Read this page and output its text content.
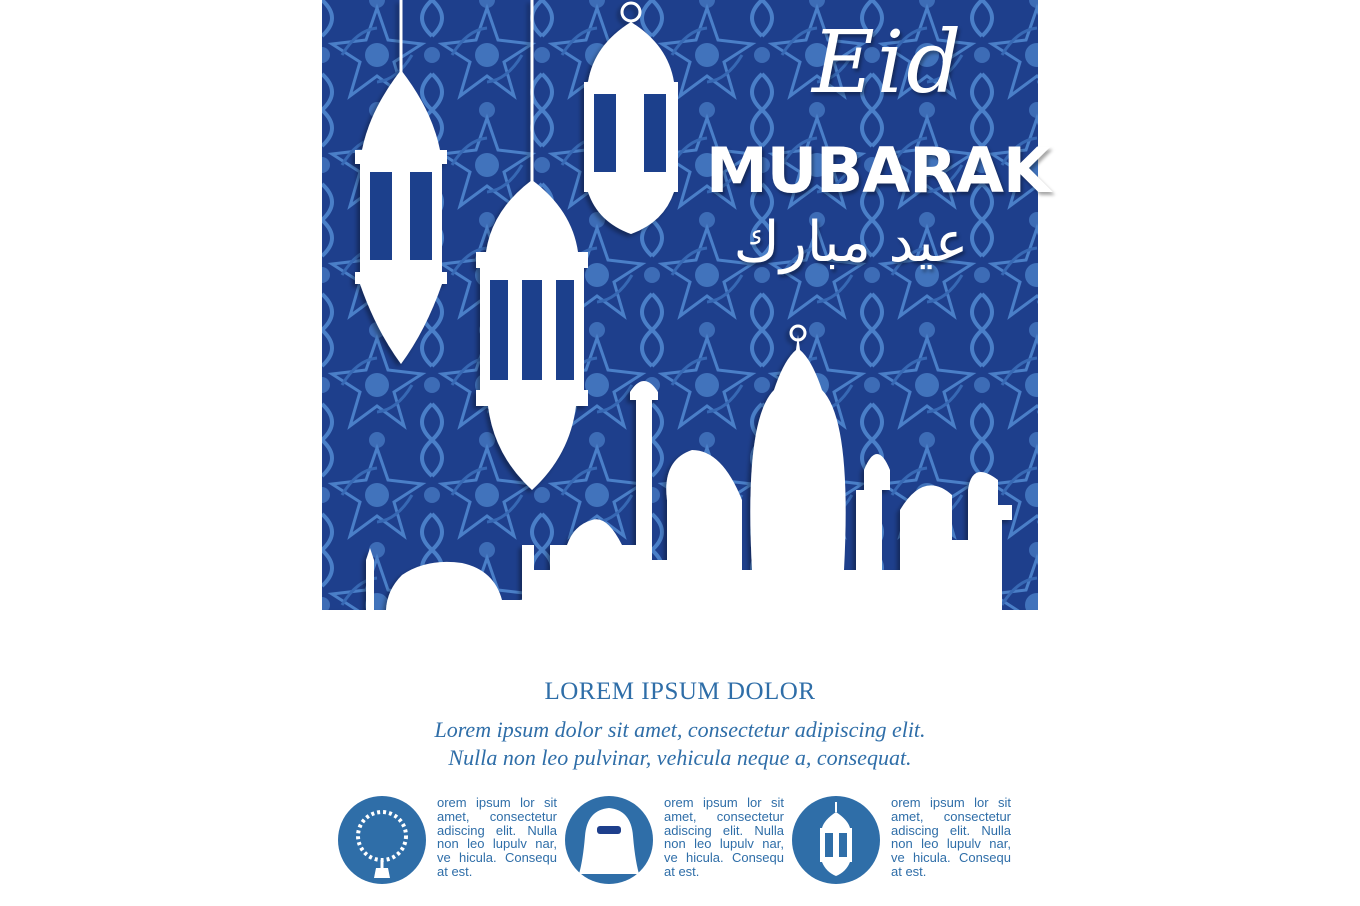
Eid
MUBARAK
عيد مبارك
LOREM IPSUM DOLOR
Lorem ipsum dolor sit amet, consectetur adipiscing elit.
Nulla non leo pulvinar, vehicula neque a, consequat.
orem ipsum lor sit amet, consectetur adiscing elit. Nulla non leo lupulv nar, ve hicula. Consequ at est.
orem ipsum lor sit amet, consectetur adiscing elit. Nulla non leo lupulv nar, ve hicula. Consequ at est.
orem ipsum lor sit amet, consectetur adiscing elit. Nulla non leo lupulv nar, ve hicula. Consequ at est.
